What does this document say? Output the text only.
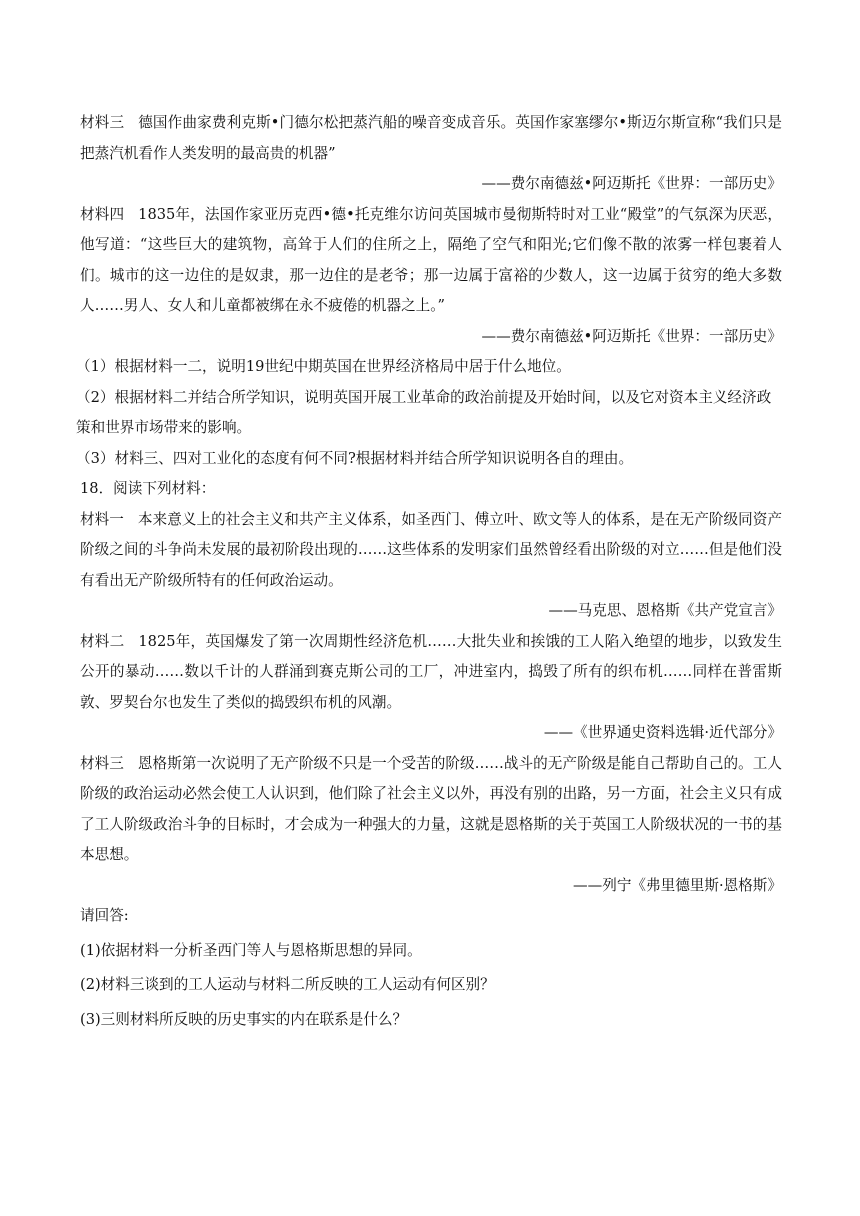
材料三 德国作曲家费利克斯•门德尔松把蒸汽船的噪音变成音乐。英国作家塞缪尔•斯迈尔斯宣称“我们只是把蒸汽机看作人类发明的最高贵的机器”

——费尔南德兹•阿迈斯托《世界：一部历史》

材料四 1835年，法国作家亚历克西•德•托克维尔访问英国城市曼彻斯特时对工业“殿堂”的气氛深为厌恶，他写道：“这些巨大的建筑物，高耸于人们的住所之上，隔绝了空气和阳光;它们像不散的浓雾一样包裹着人们。城市的这一边住的是奴隶，那一边住的是老爷；那一边属于富裕的少数人，这一边属于贫穷的绝大多数人……男人、女人和儿童都被绑在永不疲倦的机器之上。”

——费尔南德兹•阿迈斯托《世界：一部历史》

（1）根据材料一二，说明19世纪中期英国在世界经济格局中居于什么地位。

（2）根据材料二并结合所学知识，说明英国开展工业革命的政治前提及开始时间，以及它对资本主义经济政策和世界市场带来的影响。

（3）材料三、四对工业化的态度有何不同?根据材料并结合所学知识说明各自的理由。

18．阅读下列材料：

材料一 本来意义上的社会主义和共产主义体系，如圣西门、傅立叶、欧文等人的体系，是在无产阶级同资产阶级之间的斗争尚未发展的最初阶段出现的……这些体系的发明家们虽然曾经看出阶级的对立……但是他们没有看出无产阶级所特有的任何政治运动。

——马克思、恩格斯《共产党宣言》

材料二 1825年，英国爆发了第一次周期性经济危机……大批失业和挨饿的工人陷入绝望的地步，以致发生公开的暴动……数以千计的人群涌到赛克斯公司的工厂，冲进室内，捣毁了所有的织布机……同样在普雷斯敦、罗契台尔也发生了类似的捣毁织布机的风潮。

——《世界通史资料选辑·近代部分》

材料三 恩格斯第一次说明了无产阶级不只是一个受苦的阶级……战斗的无产阶级是能自己帮助自己的。工人阶级的政治运动必然会使工人认识到，他们除了社会主义以外，再没有别的出路，另一方面，社会主义只有成了工人阶级政治斗争的目标时，才会成为一种强大的力量，这就是恩格斯的关于英国工人阶级状况的一书的基本思想。

——列宁《弗里德里斯·恩格斯》

请回答:

(1)依据材料一分析圣西门等人与恩格斯思想的异同。

(2)材料三谈到的工人运动与材料二所反映的工人运动有何区别？

(3)三则材料所反映的历史事实的内在联系是什么？
